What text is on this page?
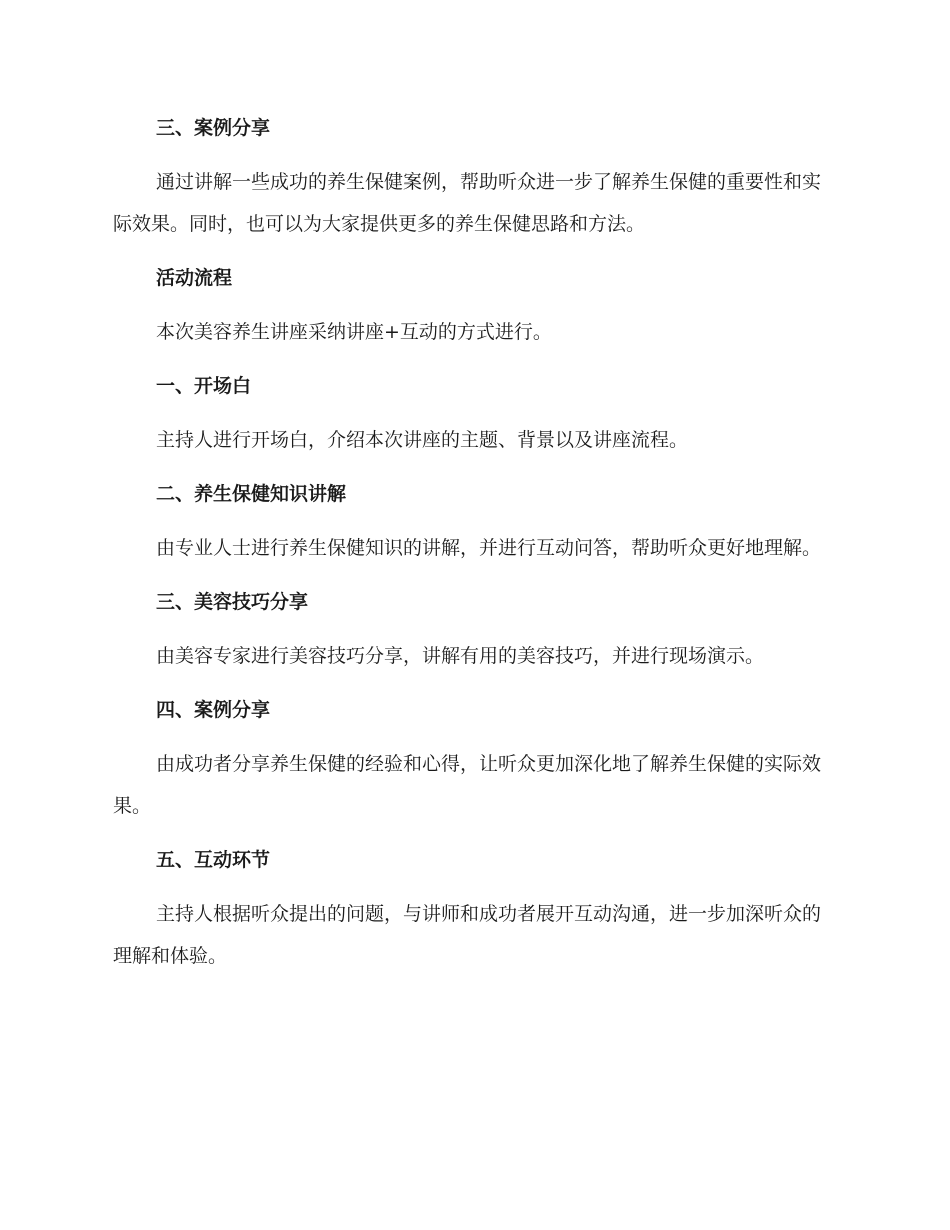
三、案例分享

通过讲解一些成功的养生保健案例，帮助听众进一步了解养生保健的重要性和实际效果。同时，也可以为大家提供更多的养生保健思路和方法。

活动流程

本次美容养生讲座采纳讲座+互动的方式进行。

一、开场白

主持人进行开场白，介绍本次讲座的主题、背景以及讲座流程。

二、养生保健知识讲解

由专业人士进行养生保健知识的讲解，并进行互动问答，帮助听众更好地理解。

三、美容技巧分享

由美容专家进行美容技巧分享，讲解有用的美容技巧，并进行现场演示。

四、案例分享

由成功者分享养生保健的经验和心得，让听众更加深化地了解养生保健的实际效果。

五、互动环节

主持人根据听众提出的问题，与讲师和成功者展开互动沟通，进一步加深听众的理解和体验。
